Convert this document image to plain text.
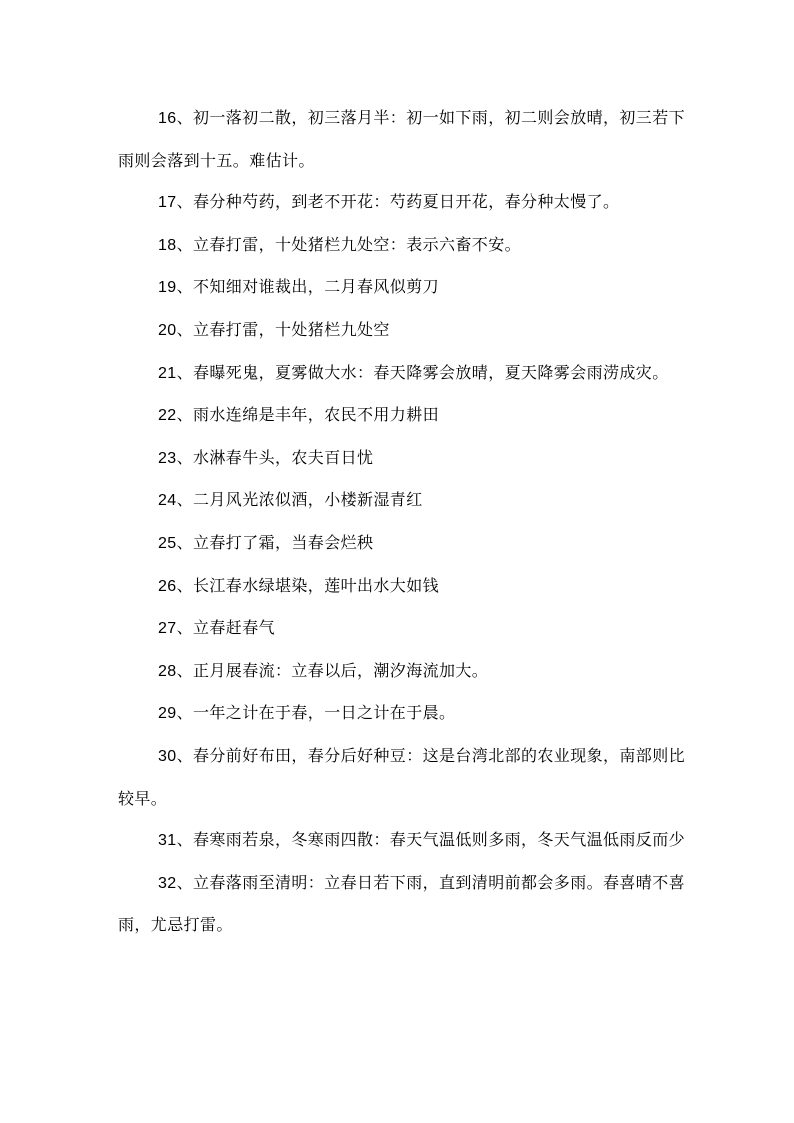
16、初一落初二散，初三落月半：初一如下雨，初二则会放晴，初三若下雨则会落到十五。难估计。

17、春分种芍药，到老不开花：芍药夏日开花，春分种太慢了。

18、立春打雷，十处猪栏九处空：表示六畜不安。

19、不知细对谁裁出，二月春风似剪刀

20、立春打雷，十处猪栏九处空

21、春曝死鬼，夏雾做大水：春天降雾会放晴，夏天降雾会雨涝成灾。

22、雨水连绵是丰年，农民不用力耕田

23、水淋春牛头，农夫百日忧

24、二月风光浓似酒，小楼新湿青红

25、立春打了霜，当春会烂秧

26、长江春水绿堪染，莲叶出水大如钱

27、立春赶春气

28、正月展春流：立春以后，潮汐海流加大。

29、一年之计在于春，一日之计在于晨。

30、春分前好布田，春分后好种豆：这是台湾北部的农业现象，南部则比较早。

31、春寒雨若泉，冬寒雨四散：春天气温低则多雨，冬天气温低雨反而少

32、立春落雨至清明：立春日若下雨，直到清明前都会多雨。春喜晴不喜雨，尤忌打雷。
